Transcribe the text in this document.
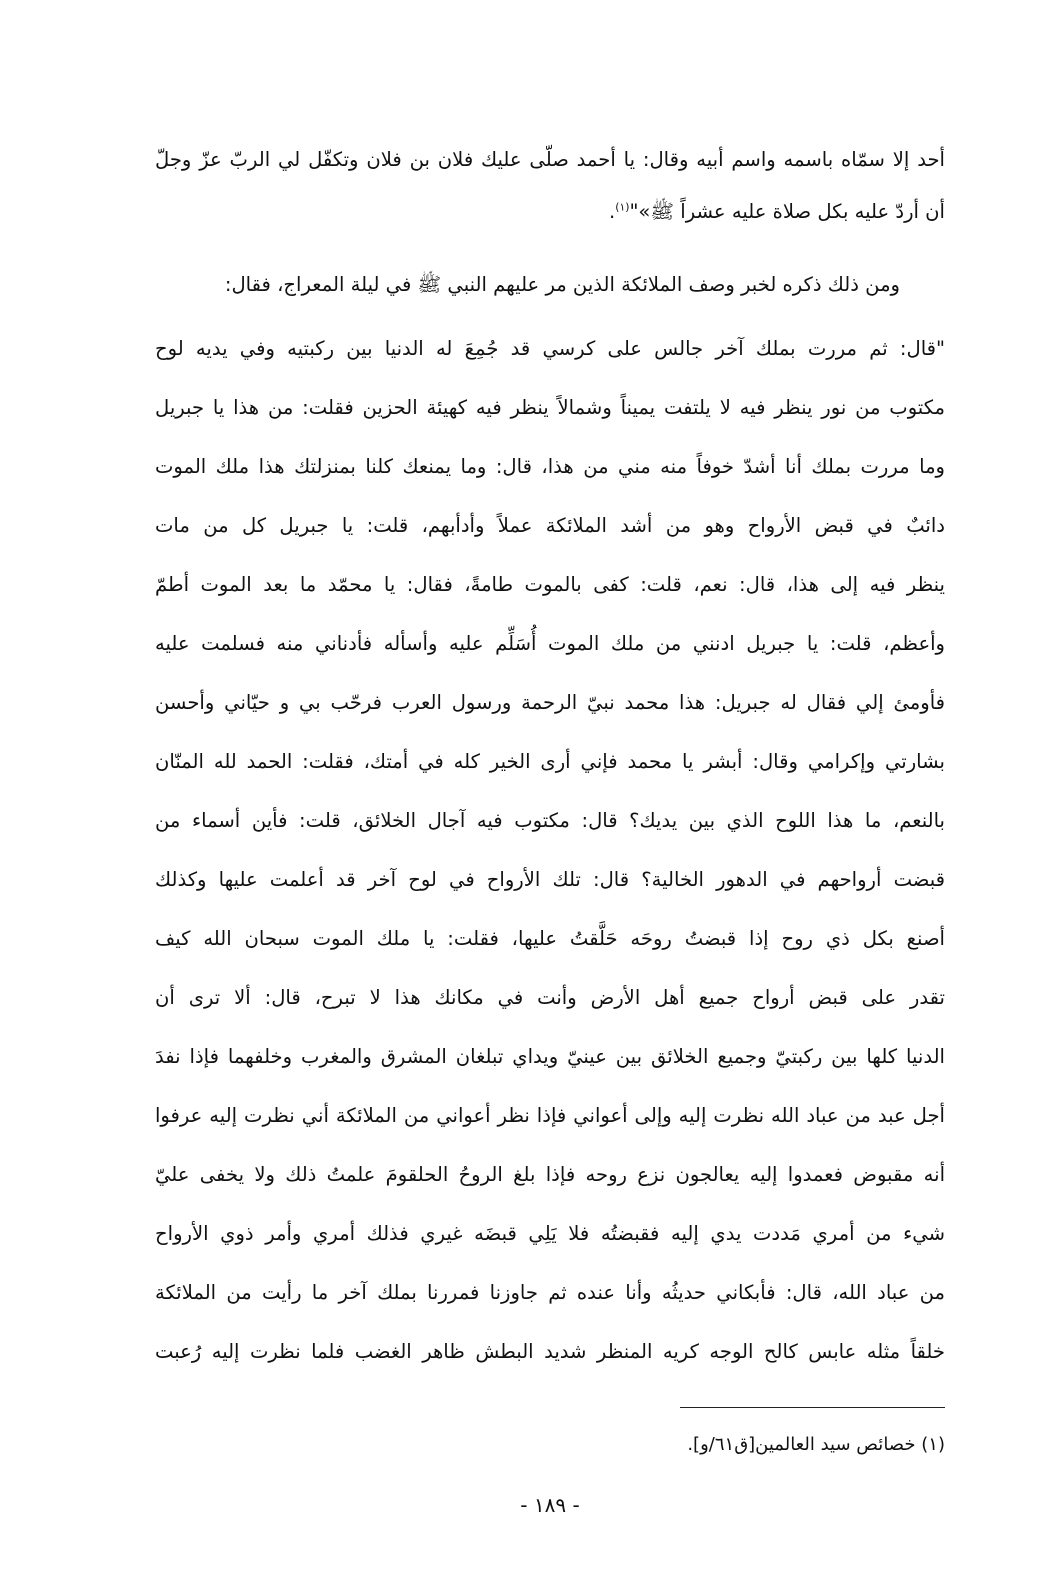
أحد إلا سمّاه باسمه واسم أبيه وقال: يا أحمد صلّى عليك فلان بن فلان وتكفّل لي الربّ عزّ وجلّ
أن أردّ عليه بكل صلاة عليه عشراً ﷺ»"$^{(١)}$.
ومن ذلك ذكره لخبر وصف الملائكة الذين مر عليهم النبي ﷺ في ليلة المعراج، فقال:
"قال: ثم مررت بملك آخر جالس على كرسي قد جُمِعَ له الدنيا بين ركبتيه وفي يديه لوح
مكتوب من نور ينظر فيه لا يلتفت يميناً وشمالاً ينظر فيه كهيئة الحزين فقلت: من هذا يا جبريل
وما مررت بملك أنا أشدّ خوفاً منه مني من هذا، قال: وما يمنعك كلنا بمنزلتك هذا ملك الموت
دائبٌ في قبض الأرواح وهو من أشد الملائكة عملاً وأدأبهم، قلت: يا جبريل كل من مات
ينظر فيه إلى هذا، قال: نعم، قلت: كفى بالموت طامةً، فقال: يا محمّد ما بعد الموت أطمّ
وأعظم، قلت: يا جبريل ادنني من ملك الموت أُسَلِّم عليه وأسأله فأدناني منه فسلمت عليه
فأومئ إلي فقال له جبريل: هذا محمد نبيّ الرحمة ورسول العرب فرحّب بي و حيّاني وأحسن
بشارتي وإكرامي وقال: أبشر يا محمد فإني أرى الخير كله في أمتك، فقلت: الحمد لله المنّان
بالنعم، ما هذا اللوح الذي بين يديك؟ قال: مكتوب فيه آجال الخلائق، قلت: فأين أسماء من
قبضت أرواحهم في الدهور الخالية؟ قال: تلك الأرواح في لوح آخر قد أعلمت عليها وكذلك
أصنع بكل ذي روح إذا قبضتُ روحَه حَلَّقتُ عليها، فقلت: يا ملك الموت سبحان الله كيف
تقدر على قبض أرواح جميع أهل الأرض وأنت في مكانك هذا لا تبرح، قال: ألا ترى أن
الدنيا كلها بين ركبتيّ وجميع الخلائق بين عينيّ ويداي تبلغان المشرق والمغرب وخلفهما فإذا نفدَ
أجل عبد من عباد الله نظرت إليه وإلى أعواني فإذا نظر أعواني من الملائكة أني نظرت إليه عرفوا
أنه مقبوض فعمدوا إليه يعالجون نزع روحه فإذا بلغ الروحُ الحلقومَ علمتُ ذلك ولا يخفى عليّ
شيء من أمري مَددت يدي إليه فقبضتُه فلا يَلِي قبضَه غيري فذلك أمري وأمر ذوي الأرواح
من عباد الله، قال: فأبكاني حديثُه وأنا عنده ثم جاوزنا فمررنا بملك آخر ما رأيت من الملائكة
خلقاً مثله عابس كالح الوجه كريه المنظر شديد البطش ظاهر الغضب فلما نظرت إليه رُعبت
(١) خصائص سيد العالمين[ق٦١/و].
- ١٨٩ -
